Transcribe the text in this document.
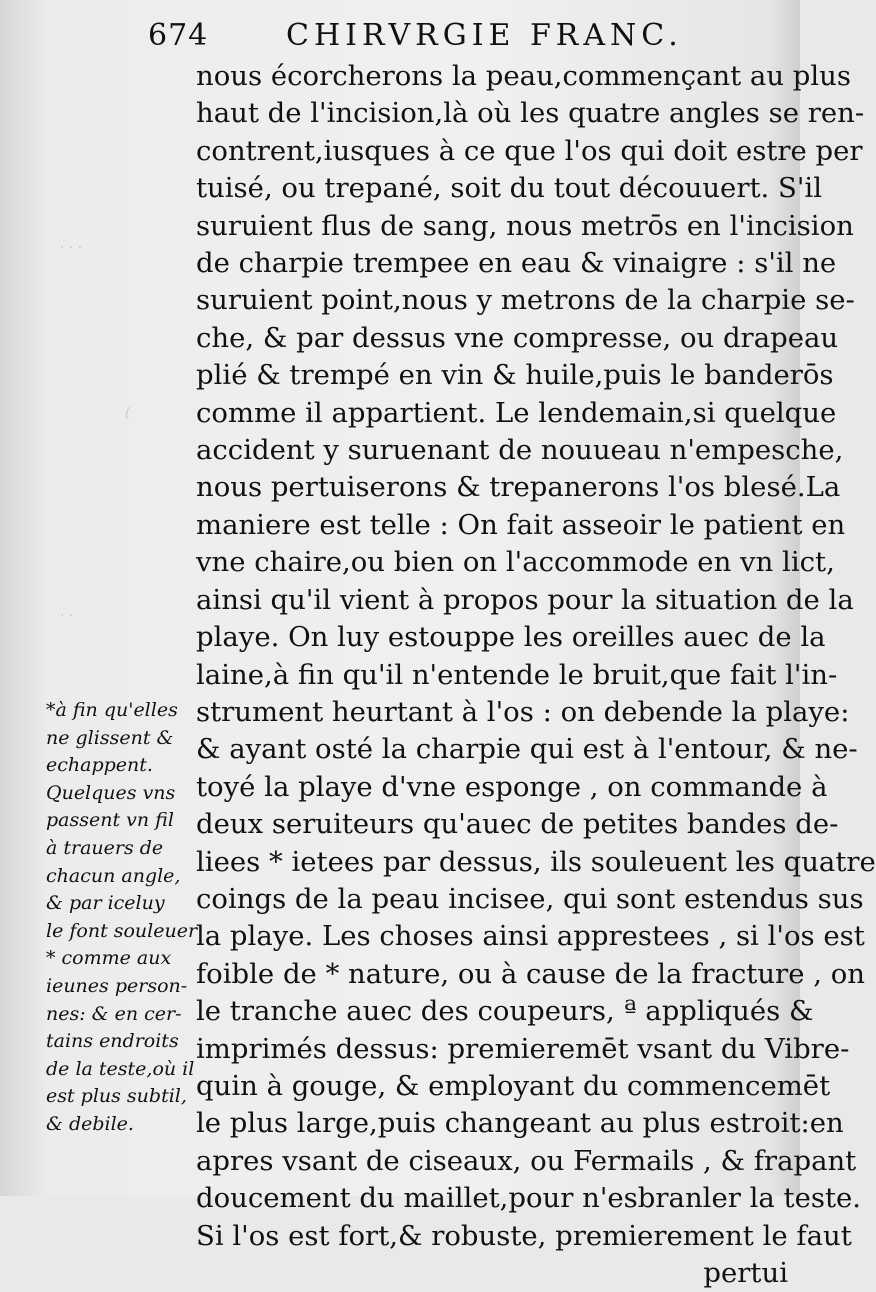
· · ·
(
· ·
674	CHIRVRGIE FRANC.
nous écorcherons la peau,commençant au plus
haut de l'incision,là où les quatre angles se ren-
contrent,iusques à ce que l'os qui doit estre per
tuisé, ou trepané, soit du tout découuert. S'il
suruient flus de sang, nous metrōs en l'incision
de charpie trempee en eau & vinaigre : s'il ne
suruient point,nous y metrons de la charpie se-
che, & par dessus vne compresse, ou drapeau
plié & trempé en vin & huile,puis le banderōs
comme il appartient. Le lendemain,si quelque
accident y suruenant de nouueau n'empesche,
nous pertuiserons & trepanerons l'os blesé.La
maniere est telle : On fait asseoir le patient en
vne chaire,ou bien on l'accommode en vn lict,
ainsi qu'il vient à propos pour la situation de la
playe. On luy estouppe les oreilles auec de la
laine,à fin qu'il n'entende le bruit,que fait l'in-
strument heurtant à l'os : on debende la playe:
& ayant osté la charpie qui est à l'entour, & ne-
toyé la playe d'vne esponge , on commande à
deux seruiteurs qu'auec de petites bandes de-
liees * ietees par dessus, ils souleuent les quatre
coings de la peau incisee, qui sont estendus sus
la playe. Les choses ainsi apprestees , si l'os est
foible de * nature, ou à cause de la fracture , on
le tranche auec des coupeurs, ª appliqués &
imprimés dessus: premieremēt vsant du Vibre-
quin à gouge, & employant du commencemēt
le plus large,puis changeant au plus estroit:en
apres vsant de ciseaux, ou Fermails , & frapant
doucement du maillet,pour n'esbranler la teste.
Si l'os est fort,& robuste, premierement le faut
pertui
*à fin qu'elles
ne glissent &
echappent.
Quelques vns
passent vn fil
à trauers de
chacun angle,
& par iceluy
le font souleuer
* comme aux
ieunes person-
nes: & en cer-
tains endroits
de la teste,où il
est plus subtil,
& debile.
